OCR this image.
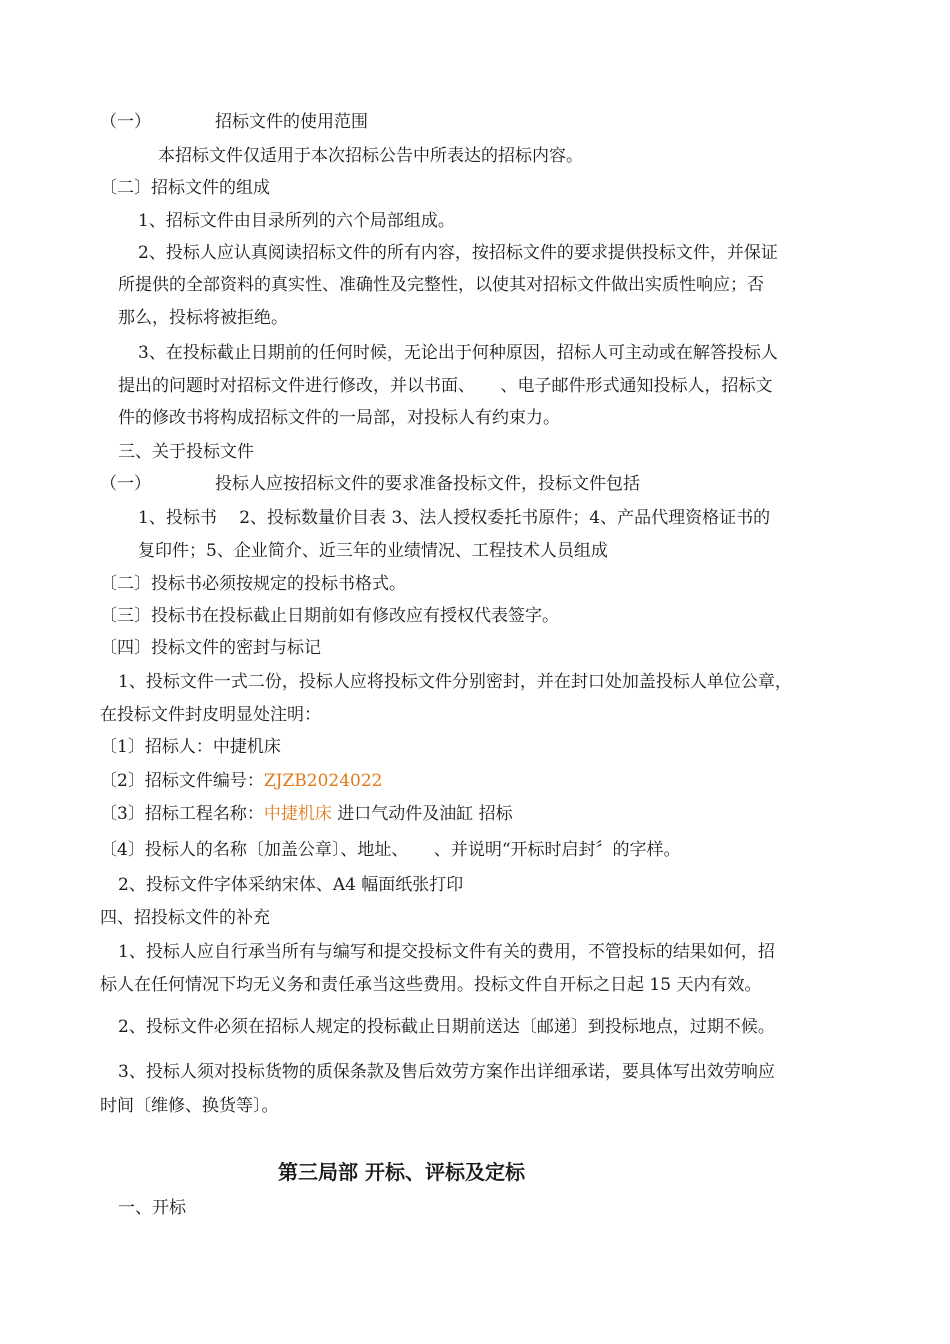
（一）	招标文件的使用范围
本招标文件仅适用于本次招标公告中所表达的招标内容。
〔二〕招标文件的组成
1、招标文件由目录所列的六个局部组成。
2、投标人应认真阅读招标文件的所有内容，按招标文件的要求提供投标文件，并保证
所提供的全部资料的真实性、准确性及完整性，以使其对招标文件做出实质性响应；否
那么，投标将被拒绝。
3、在投标截止日期前的任何时候，无论出于何种原因，招标人可主动或在解答投标人
提出的问题时对招标文件进行修改，并以书面、　　、电子邮件形式通知投标人，招标文
件的修改书将构成招标文件的一局部，对投标人有约束力。
三、关于投标文件
（一）	投标人应按招标文件的要求准备投标文件，投标文件包括
1、投标书　 2、投标数量价目表 3、法人授权委托书原件；4、产品代理资格证书的
复印件；5、企业简介、近三年的业绩情况、工程技术人员组成
〔二〕投标书必须按规定的投标书格式。
〔三〕投标书在投标截止日期前如有修改应有授权代表签字。
〔四〕投标文件的密封与标记
1、投标文件一式二份，投标人应将投标文件分别密封，并在封口处加盖投标人单位公章，
在投标文件封皮明显处注明：
〔1〕招标人：中捷机床
〔2〕招标文件编号：ZJZB2024022
〔3〕招标工程名称：中捷机床 进口气动件及油缸 招标
〔4〕投标人的名称〔加盖公章〕、地址、　　、并说明“开标时启封〞的字样。
2、投标文件字体采纳宋体、A4 幅面纸张打印
四、招投标文件的补充
1、投标人应自行承当所有与编写和提交投标文件有关的费用，不管投标的结果如何，招
标人在任何情况下均无义务和责任承当这些费用。投标文件自开标之日起 15 天内有效。
2、投标文件必须在招标人规定的投标截止日期前送达〔邮递〕到投标地点，过期不候。
3、投标人须对投标货物的质保条款及售后效劳方案作出详细承诺，要具体写出效劳响应
时间〔维修、换货等〕。
第三局部 开标、评标及定标
一、开标
